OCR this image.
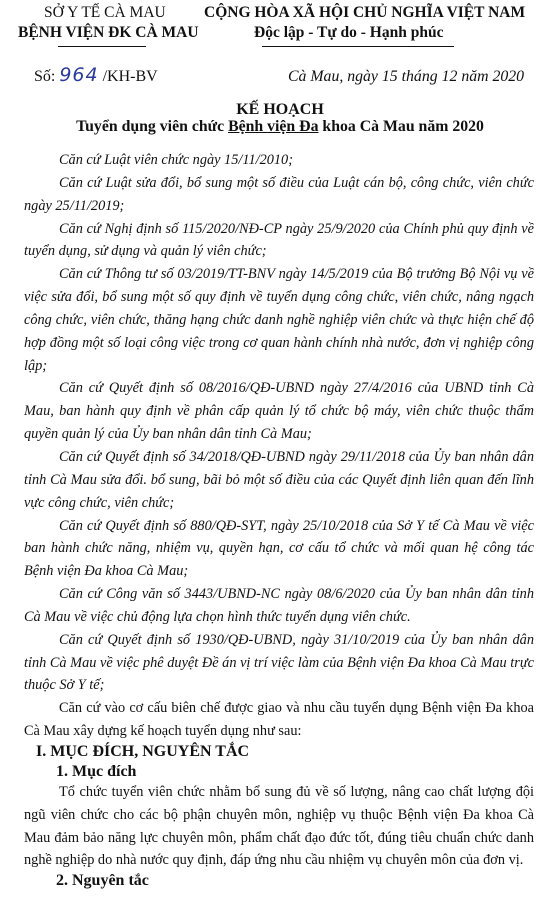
SỞ Y TẾ CÀ MAU
BỆNH VIỆN ĐK CÀ MAU
CỘNG HÒA XÃ HỘI CHỦ NGHĨA VIỆT NAM
Độc lập - Tự do - Hạnh phúc
Số: 964 /KH-BV	Cà Mau, ngày 15 tháng 12 năm 2020
KẾ HOẠCH
Tuyển dụng viên chức Bệnh viện Đa khoa Cà Mau năm 2020

Căn cứ Luật viên chức ngày 15/11/2010;

Căn cứ Luật sửa đổi, bổ sung một số điều của Luật cán bộ, công chức, viên chức ngày 25/11/2019;

Căn cứ Nghị định số 115/2020/NĐ-CP ngày 25/9/2020 của Chính phủ quy định về tuyển dụng, sử dụng và quản lý viên chức;

Căn cứ Thông tư số 03/2019/TT-BNV ngày 14/5/2019 của Bộ trưởng Bộ Nội vụ về việc sửa đổi, bổ sung một số quy định về tuyển dụng công chức, viên chức, nâng ngạch công chức, viên chức, thăng hạng chức danh nghề nghiệp viên chức và thực hiện chế độ hợp đồng một số loại công việc trong cơ quan hành chính nhà nước, đơn vị nghiệp công lập;

Căn cứ Quyết định số 08/2016/QĐ-UBND ngày 27/4/2016 của UBND tỉnh Cà Mau, ban hành quy định về phân cấp quản lý tổ chức bộ máy, viên chức thuộc thẩm quyền quản lý của Ủy ban nhân dân tỉnh Cà Mau;

Căn cứ Quyết định số 34/2018/QĐ-UBND ngày 29/11/2018 của Ủy ban nhân dân tỉnh Cà Mau sửa đổi. bổ sung, bãi bỏ một số điều của các Quyết định liên quan đến lĩnh vực công chức, viên chức;

Căn cứ Quyết định số 880/QĐ-SYT, ngày 25/10/2018 của Sở Y tế Cà Mau về việc ban hành chức năng, nhiệm vụ, quyền hạn, cơ cấu tổ chức và mối quan hệ công tác Bệnh viện Đa khoa Cà Mau;

Căn cứ Công văn số 3443/UBND-NC ngày 08/6/2020 của Ủy ban nhân dân tỉnh Cà Mau về việc chủ động lựa chọn hình thức tuyển dụng viên chức.

Căn cứ Quyết định số 1930/QĐ-UBND, ngày 31/10/2019 của Ủy ban nhân dân tỉnh Cà Mau về việc phê duyệt Đề án vị trí việc làm của Bệnh viện Đa khoa Cà Mau trực thuộc Sở Y tế;

Căn cứ vào cơ cấu biên chế được giao và nhu cầu tuyển dụng Bệnh viện Đa khoa Cà Mau xây dựng kế hoạch tuyển dụng như sau:

I. MỤC ĐÍCH, NGUYÊN TẮC
1. Mục đích

Tổ chức tuyển viên chức nhằm bổ sung đủ về số lượng, nâng cao chất lượng đội ngũ viên chức cho các bộ phận chuyên môn, nghiệp vụ thuộc Bệnh viện Đa khoa Cà Mau đảm bảo năng lực chuyên môn, phẩm chất đạo đức tốt, đúng tiêu chuẩn chức danh nghề nghiệp do nhà nước quy định, đáp ứng nhu cầu nhiệm vụ chuyên môn của đơn vị.

2. Nguyên tắc
